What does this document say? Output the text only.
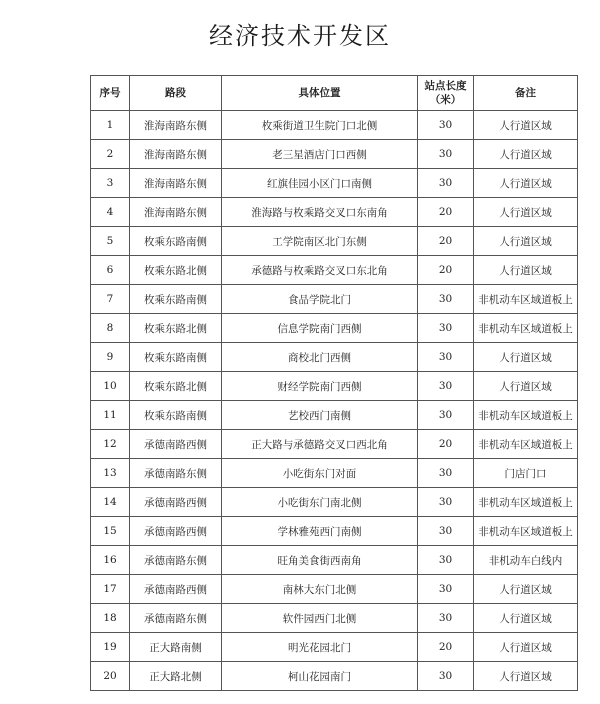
经济技术开发区
序号	路段	具体位置	站点长度（米）	备注
1	淮海南路东侧	枚乘街道卫生院门口北侧	30	人行道区域
2	淮海南路东侧	老三星酒店门口西侧	30	人行道区域
3	淮海南路东侧	红旗佳园小区门口南侧	30	人行道区域
4	淮海南路东侧	淮海路与枚乘路交叉口东南角	20	人行道区域
5	枚乘东路南侧	工学院南区北门东侧	20	人行道区域
6	枚乘东路北侧	承德路与枚乘路交叉口东北角	20	人行道区域
7	枚乘东路南侧	食品学院北门	30	非机动车区域道板上
8	枚乘东路北侧	信息学院南门西侧	30	非机动车区域道板上
9	枚乘东路南侧	商校北门西侧	30	人行道区域
10	枚乘东路北侧	财经学院南门西侧	30	人行道区域
11	枚乘东路南侧	艺校西门南侧	30	非机动车区域道板上
12	承德南路西侧	正大路与承德路交叉口西北角	20	非机动车区域道板上
13	承德南路东侧	小吃街东门对面	30	门店门口
14	承德南路西侧	小吃街东门南北侧	30	非机动车区域道板上
15	承德南路西侧	学林雅苑西门南侧	30	非机动车区域道板上
16	承德南路东侧	旺角美食街西南角	30	非机动车白线内
17	承德南路西侧	南林大东门北侧	30	人行道区域
18	承德南路东侧	软件园西门北侧	30	人行道区域
19	正大路南侧	明光花园北门	20	人行道区域
20	正大路北侧	柯山花园南门	30	人行道区域
